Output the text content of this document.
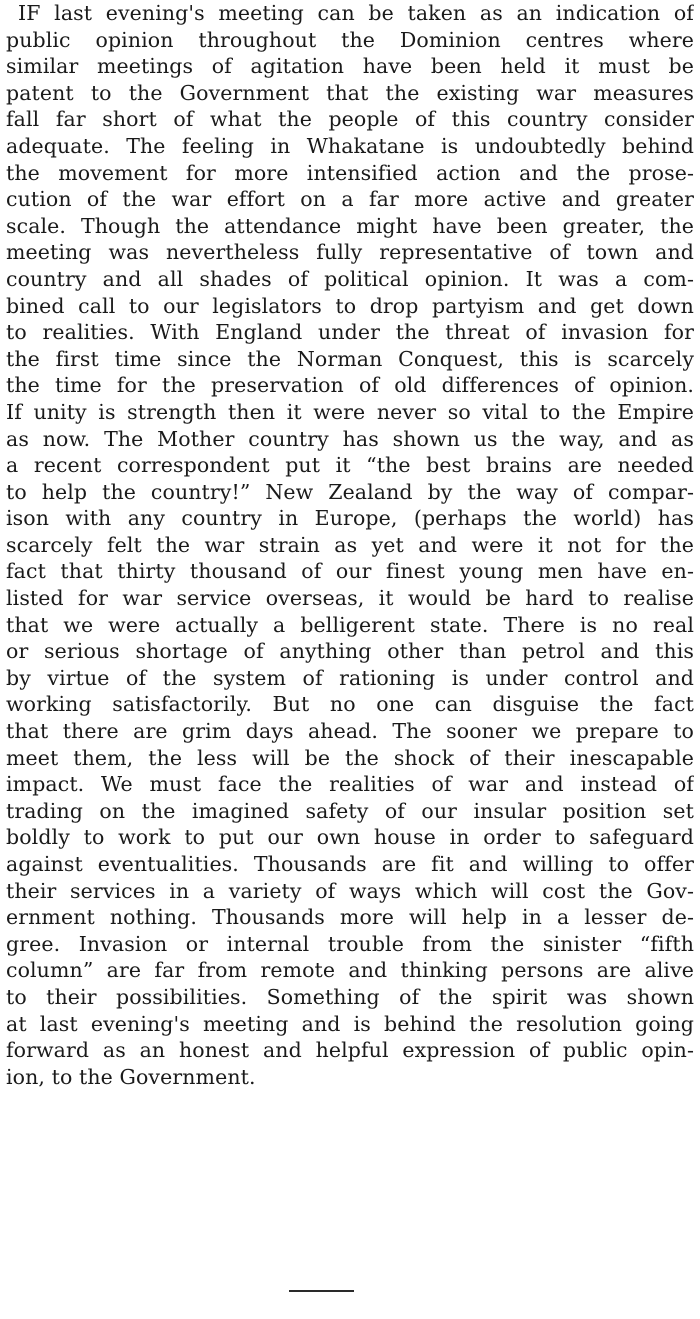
IF last evening's meeting can be taken as an indication of
public opinion throughout the Dominion centres where
similar meetings of agitation have been held it must be
patent to the Government that the existing war measures
fall far short of what the people of this country consider
adequate. The feeling in Whakatane is undoubtedly behind
the movement for more intensified action and the prose-
cution of the war effort on a far more active and greater
scale. Though the attendance might have been greater, the
meeting was nevertheless fully representative of town and
country and all shades of political opinion. It was a com-
bined call to our legislators to drop partyism and get down
to realities. With England under the threat of invasion for
the first time since the Norman Conquest, this is scarcely
the time for the preservation of old differences of opinion.
If unity is strength then it were never so vital to the Empire
as now. The Mother country has shown us the way, and as
a recent correspondent put it “the best brains are needed
to help the country!” New Zealand by the way of compar-
ison with any country in Europe, (perhaps the world) has
scarcely felt the war strain as yet and were it not for the
fact that thirty thousand of our finest young men have en-
listed for war service overseas, it would be hard to realise
that we were actually a belligerent state. There is no real
or serious shortage of anything other than petrol and this
by virtue of the system of rationing is under control and
working satisfactorily. But no one can disguise the fact
that there are grim days ahead. The sooner we prepare to
meet them, the less will be the shock of their inescapable
impact. We must face the realities of war and instead of
trading on the imagined safety of our insular position set
boldly to work to put our own house in order to safeguard
against eventualities. Thousands are fit and willing to offer
their services in a variety of ways which will cost the Gov-
ernment nothing. Thousands more will help in a lesser de-
gree. Invasion or internal trouble from the sinister “fifth
column” are far from remote and thinking persons are alive
to their possibilities. Something of the spirit was shown
at last evening's meeting and is behind the resolution going
forward as an honest and helpful expression of public opin-
ion, to the Government.
